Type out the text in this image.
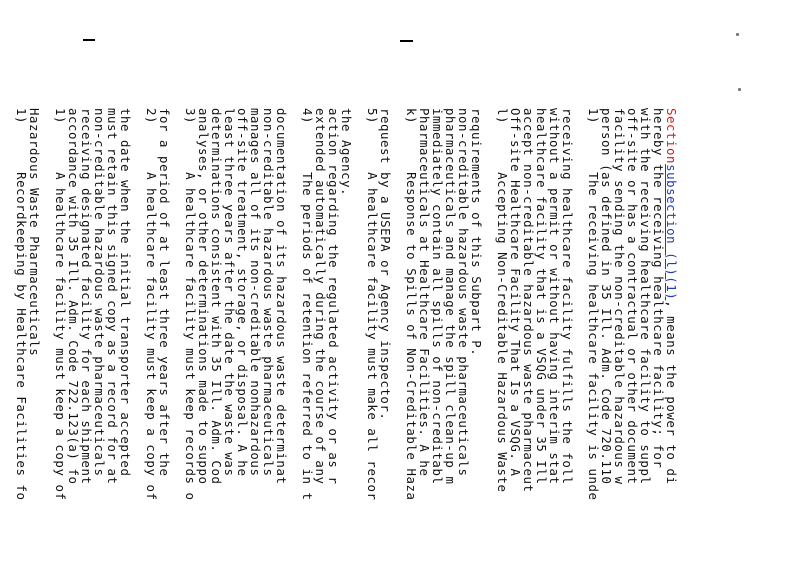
1)      Recordkeeping by Healthcare Facilities fo
Hazardous Waste Pharmaceuticals 1)      A healthcare facility must keep a copy of
accordance with 35 Ill. Adm. Code 722.123(a) fo
receiving designated facility for each shipment
non-creditable hazardous waste pharmaceuticals
must retain this signed copy as a record for at
the date when the initial transporter accepted 2)      A healthcare facility must keep a copy of
for a period of at least three years after the 3)      A healthcare facility must keep records o
analyses, or other determinations made to suppo
determinations consistent with 35 Ill. Adm. Cod
least three years after the date the waste was
off-site treatment, storage, or disposal. A he
manages all of its non-creditable nonhazardous
non-creditable hazardous waste pharmaceuticals
documentation of its hazardous waste determinat 4)      The periods of retention referred to in t
extended automatically during the course of any
action regarding the regulated activity or as r
the Agency. 5)      A healthcare facility must make all recor
request by a USEPA or Agency inspector. k)      Response to Spills of Non-Creditable Haza
Pharmaceuticals at Healthcare Facilities. A he
immediately contain all spills of non-creditabl
pharmaceuticals and manage the spill clean-up m
non-creditable hazardous waste pharmaceuticals
requirements of this Subpart P. l)      Accepting Non-Creditable Hazardous Waste
Off-site Healthcare Facility That Is a VSQG. A
accept non-creditable hazardous waste pharmaceut
healthcare facility that is a VSQG under 35 Ill
without a permit or without having interim stat
receiving healthcare facility fulfills the foll 1)      The receiving healthcare facility is unde
person (as defined in 35 Ill. Adm. Code 720.110
facility sending the non-creditable hazardous w
off-site or has a contractual or other document
with the receiving healthcare facility to suppl
hereby the receiving healthcare facility; for
Sectionsubsection (l)(1), means the power to di
